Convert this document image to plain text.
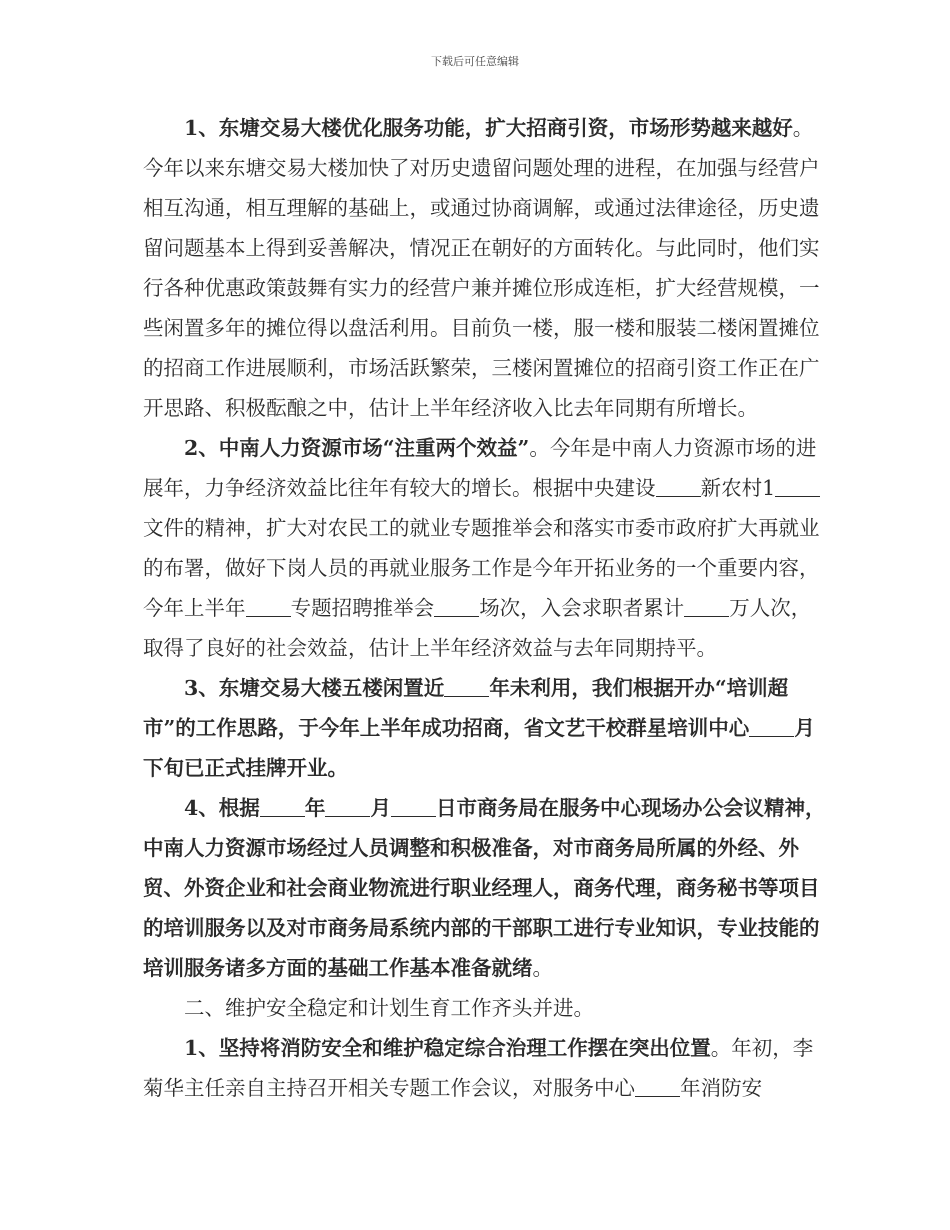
下载后可任意编辑

1、东塘交易大楼优化服务功能，扩大招商引资，市场形势越来越好。今年以来东塘交易大楼加快了对历史遗留问题处理的进程，在加强与经营户相互沟通，相互理解的基础上，或通过协商调解，或通过法律途径，历史遗留问题基本上得到妥善解决，情况正在朝好的方面转化。与此同时，他们实行各种优惠政策鼓舞有实力的经营户兼并摊位形成连柜，扩大经营规模，一些闲置多年的摊位得以盘活利用。目前负一楼，服一楼和服装二楼闲置摊位的招商工作进展顺利，市场活跃繁荣，三楼闲置摊位的招商引资工作正在广开思路、积极酝酿之中，估计上半年经济收入比去年同期有所增长。

2、中南人力资源市场“注重两个效益”。今年是中南人力资源市场的进展年，力争经济效益比往年有较大的增长。根据中央建设 新农村1文件的精神，扩大对农民工的就业专题推举会和落实市委市政府扩大再就业的布署，做好下岗人员的再就业服务工作是今年开拓业务的一个重要内容，今年上半年 专题招聘推举会 场次，入会求职者累计 万人次，取得了良好的社会效益，估计上半年经济效益与去年同期持平。

3、东塘交易大楼五楼闲置近 年未利用，我们根据开办“培训超市”的工作思路，于今年上半年成功招商，省文艺干校群星培训中心 月下旬已正式挂牌开业。

4、根据 年 月 日市商务局在服务中心现场办公会议精神，中南人力资源市场经过人员调整和积极准备，对市商务局所属的外经、外贸、外资企业和社会商业物流进行职业经理人，商务代理，商务秘书等项目的培训服务以及对市商务局系统内部的干部职工进行专业知识，专业技能的培训服务诸多方面的基础工作基本准备就绪。

二、维护安全稳定和计划生育工作齐头并进。

1、坚持将消防安全和维护稳定综合治理工作摆在突出位置。年初，李菊华主任亲自主持召开相关专题工作会议，对服务中心 年消防安
